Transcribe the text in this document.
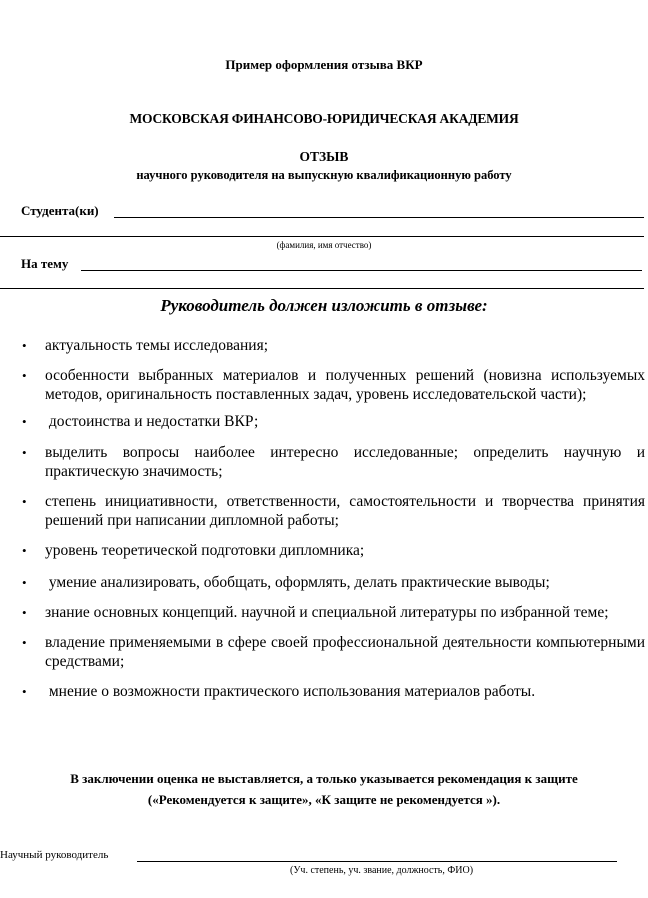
Пример оформления отзыва ВКР
МОСКОВСКАЯ ФИНАНСОВО-ЮРИДИЧЕСКАЯ АКАДЕМИЯ
ОТЗЫВ
научного руководителя на выпускную квалификационную работу
Студента(ки)
(фамилия, имя отчество)
На тему
Руководитель должен изложить в отзыве:
• актуальность темы исследования;
• особенности выбранных материалов и полученных решений (новизна используемых методов, оригинальность поставленных задач, уровень исследовательской части);
• достоинства и недостатки ВКР;
• выделить вопросы наиболее интересно исследованные; определить научную и практическую значимость;
• степень инициативности, ответственности, самостоятельности и творчества принятия решений при написании дипломной работы;
• уровень теоретической подготовки дипломника;
• умение анализировать, обобщать, оформлять, делать практические выводы;
• знание основных концепций. научной и специальной литературы по избранной теме;
• владение применяемыми в сфере своей профессиональной деятельности компьютерными средствами;
• мнение о возможности практического использования материалов работы.
В заключении оценка не выставляется, а только указывается рекомендация к защите
(«Рекомендуется к защите», «К защите не рекомендуется »).
Научный руководитель
(Уч. степень, уч. звание, должность, ФИО)
